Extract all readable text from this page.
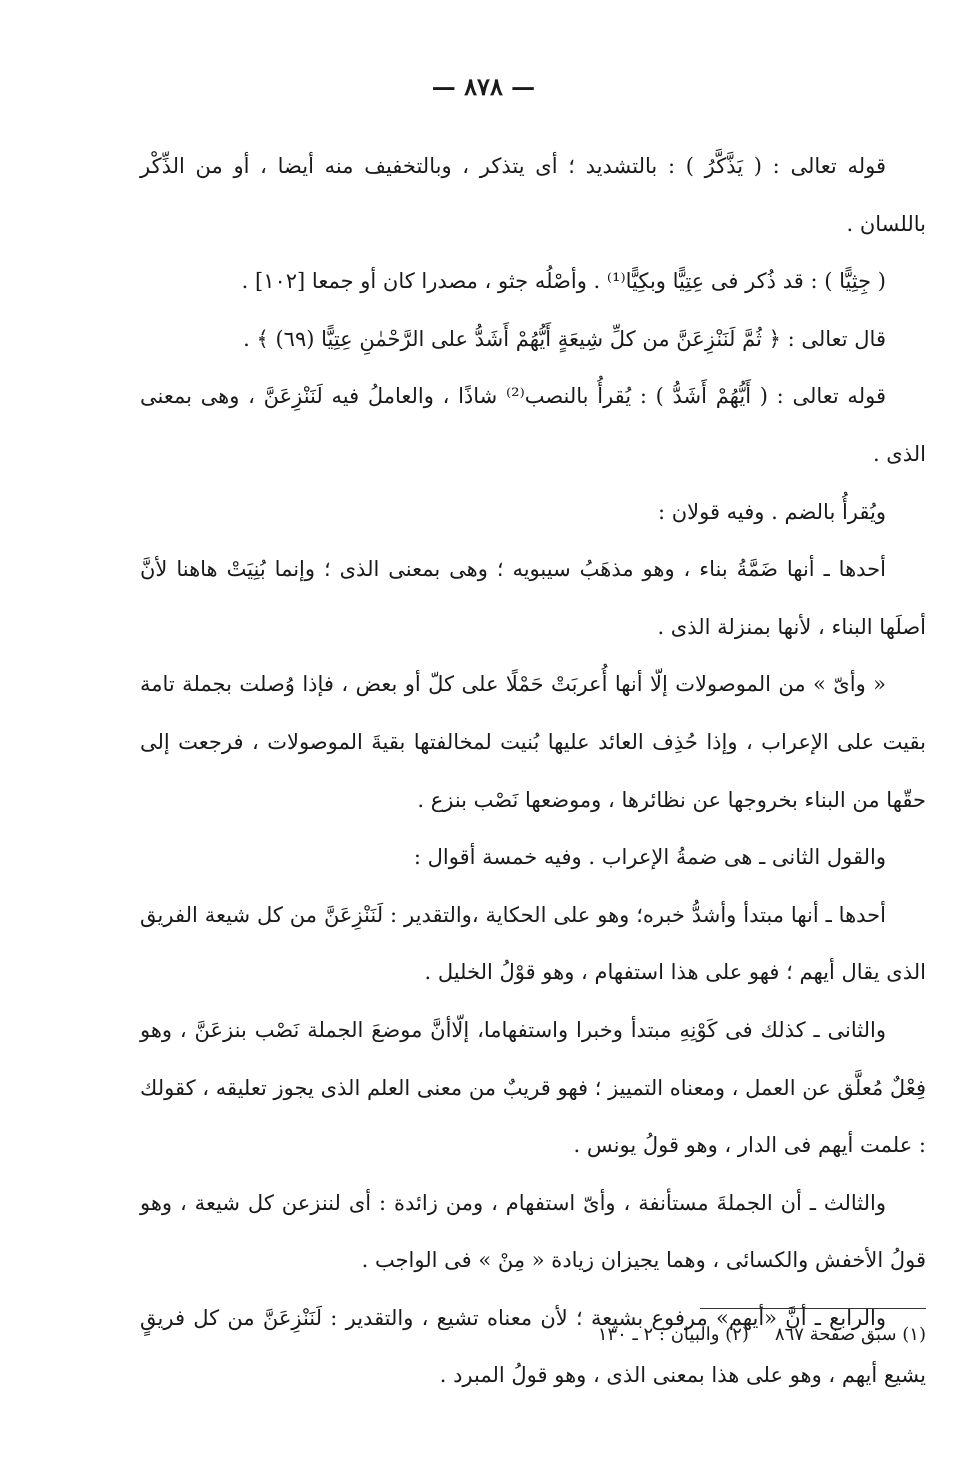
— ٨٧٨ —

قوله تعالى : ( يَذَّكَّرُ ) : بالتشديد ؛ أى يتذكر ، وبالتخفيف منه أيضا ، أو من الذِّكْر باللسان .

( جِثِيًّا ) : قد ذُكر فى عِتِيًّا وبكِيًّا⁽¹⁾ . وأصْلُه جثو ، مصدرا كان أو جمعا [١٠٢] .

قال تعالى : ﴿ ثُمَّ لَنَنْزِعَنَّ من كلِّ شِيعَةٍ أَيُّهُمْ أَشَدُّ على الرَّحْمٰنِ عِتِيًّا (٦٩) ﴾ .

قوله تعالى : ( أَيُّهُمْ أَشَدُّ ) : يُقرأُ بالنصب⁽²⁾ شاذًا ، والعاملُ فيه لَنَنْزِعَنَّ ، وهى بمعنى الذى .

ويُقرأُ بالضم . وفيه قولان :

أحدها ـ أنها ضَمَّةُ بناء ، وهو مذهَبُ سيبويه ؛ وهى بمعنى الذى ؛ وإنما بُنِيَتْ هاهنا لأنَّ أصلَها البناء ، لأنها بمنزلة الذى .

« وأىّ » من الموصولات إلّا أنها أُعربَتْ حَمْلًا على كلّ أو بعض ، فإذا وُصلت بجملة تامة بقيت على الإعراب ، وإذا حُذِف العائد عليها بُنيت لمخالفتها بقيةَ الموصولات ، فرجعت إلى حقّها من البناء بخروجها عن نظائرها ، وموضعها نَصْب بنزع .

والقول الثانى ـ هى ضمةُ الإعراب . وفيه خمسة أقوال :

أحدها ـ أنها مبتدأ وأشدُّ خبره؛ وهو على الحكاية ،والتقدير : لَنَنْزِعَنَّ من كل شيعة الفريق الذى يقال أيهم ؛ فهو على هذا استفهام ، وهو قوْلُ الخليل .

والثانى ـ كذلك فى كَوْنِهِ مبتدأ وخبرا واستفهاما، إلّاأنَّ موضعَ الجملة نَصْب بنزعَنَّ ، وهو فِعْلٌ مُعلَّق عن العمل ، ومعناه التمييز ؛ فهو قريبٌ من معنى العلم الذى يجوز تعليقه ، كقولك : علمت أيهم فى الدار ، وهو قولُ يونس .

والثالث ـ أن الجملةَ مستأنفة ، وأىّ استفهام ، ومن زائدة : أى لننزعن كل شيعة ، وهو قولُ الأخفش والكسائى ، وهما يجيزان زيادة « مِنْ » فى الواجب .

والرابع ـ أنَّ «أيهم» مرفوع بشيعة ؛ لأن معناه تشيع ، والتقدير : لَنَنْزِعَنَّ من كل فريقٍ يشيع أيهم ، وهو على هذا بمعنى الذى ، وهو قولُ المبرد .

(١) سبق صفحة ٨٦٧(٢) والبيان : ٢ ـ ١٣٠
